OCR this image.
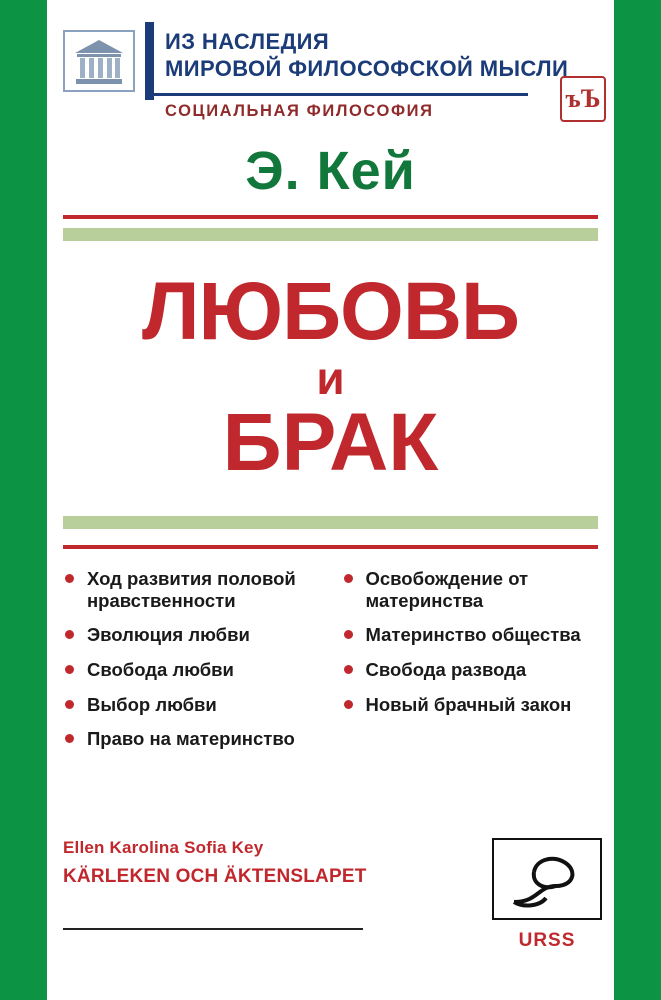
ИЗ НАСЛЕДИЯ
МИРОВОЙ ФИЛОСОФСКОЙ МЫСЛИ
СОЦИАЛЬНАЯ ФИЛОСОФИЯ	ъЪ
Э. Кей
ЛЮБОВЬ
и
БРАК
Ход развития половой нравственности
Эволюция любви
Свобода любви
Выбор любви
Право на материнство
Освобождение от материнства
Материнство общества
Свобода развода
Новый брачный закон
Ellen Karolina Sofia Key
KÄRLEKEN OCH ÄKTENSLAPET
URSS
